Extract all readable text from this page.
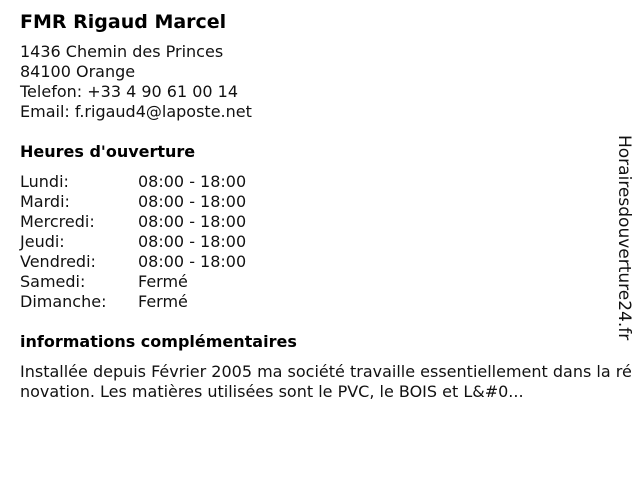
FMR Rigaud Marcel
1436 Chemin des Princes
84100 Orange
Telefon: +33 4 90 61 00 14
Email: f.rigaud4@laposte.net
Heures d'ouverture
Lundi:	08:00 - 18:00
Mardi:	08:00 - 18:00
Mercredi:	08:00 - 18:00
Jeudi:	08:00 - 18:00
Vendredi:	08:00 - 18:00
Samedi:	Fermé
Dimanche:	Fermé
informations complémentaires
Installée depuis Février 2005 ma société travaille essentiellement dans la rénovation. Les matières utilisées sont le PVC, le BOIS et L&#0...
Horairesdouverture24.fr
